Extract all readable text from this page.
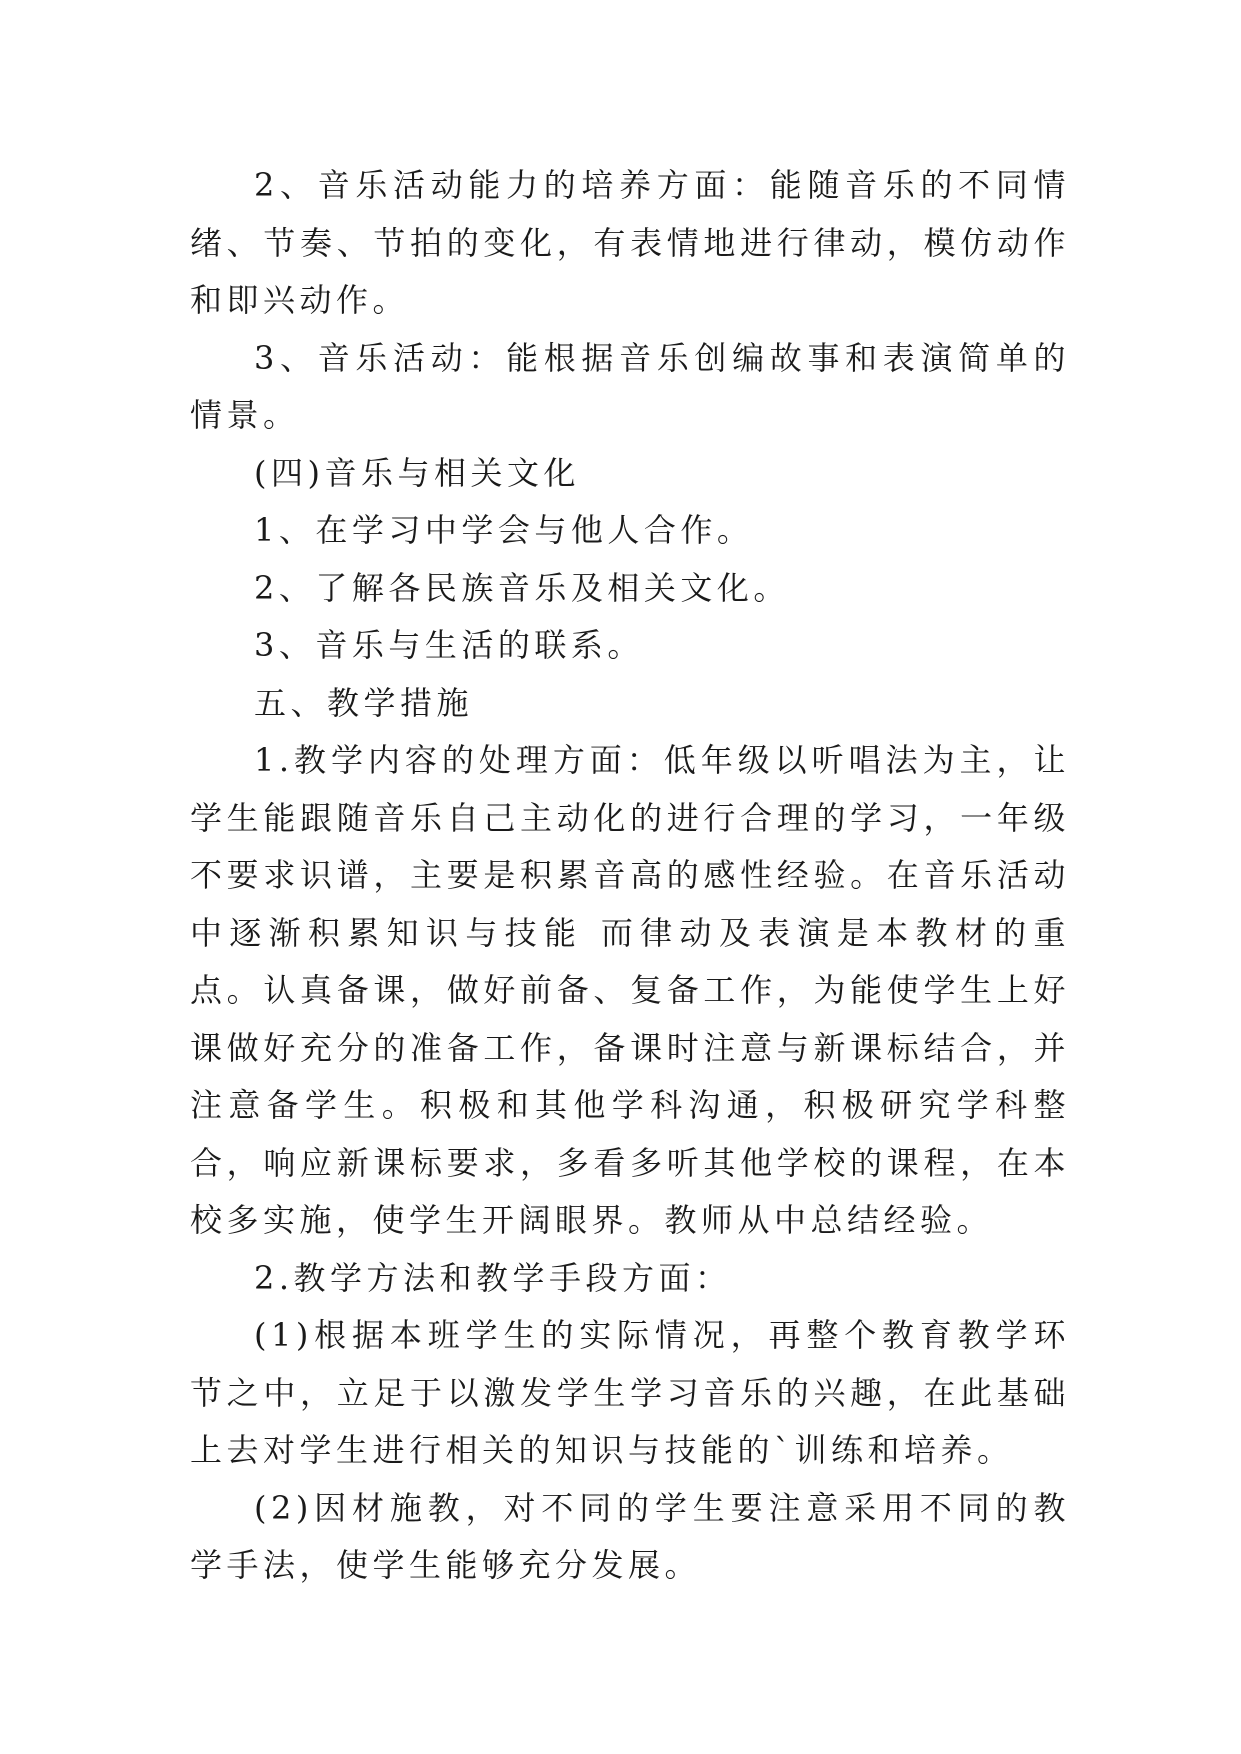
2、音乐活动能力的培养方面：能随音乐的不同情绪、节奏、节拍的变化，有表情地进行律动，模仿动作和即兴动作。

3、音乐活动：能根据音乐创编故事和表演简单的情景。

(四)音乐与相关文化

1、在学习中学会与他人合作。

2、了解各民族音乐及相关文化。

3、音乐与生活的联系。

五、教学措施

1.教学内容的处理方面：低年级以听唱法为主，让学生能跟随音乐自己主动化的进行合理的学习，一年级不要求识谱，主要是积累音高的感性经验。在音乐活动中逐渐积累知识与技能 而律动及表演是本教材的重点。认真备课，做好前备、复备工作，为能使学生上好课做好充分的准备工作，备课时注意与新课标结合，并注意备学生。积极和其他学科沟通，积极研究学科整合，响应新课标要求，多看多听其他学校的课程，在本校多实施，使学生开阔眼界。教师从中总结经验。

2.教学方法和教学手段方面：

(1)根据本班学生的实际情况，再整个教育教学环节之中，立足于以激发学生学习音乐的兴趣，在此基础上去对学生进行相关的知识与技能的`训练和培养。

(2)因材施教，对不同的学生要注意采用不同的教学手法，使学生能够充分发展。
